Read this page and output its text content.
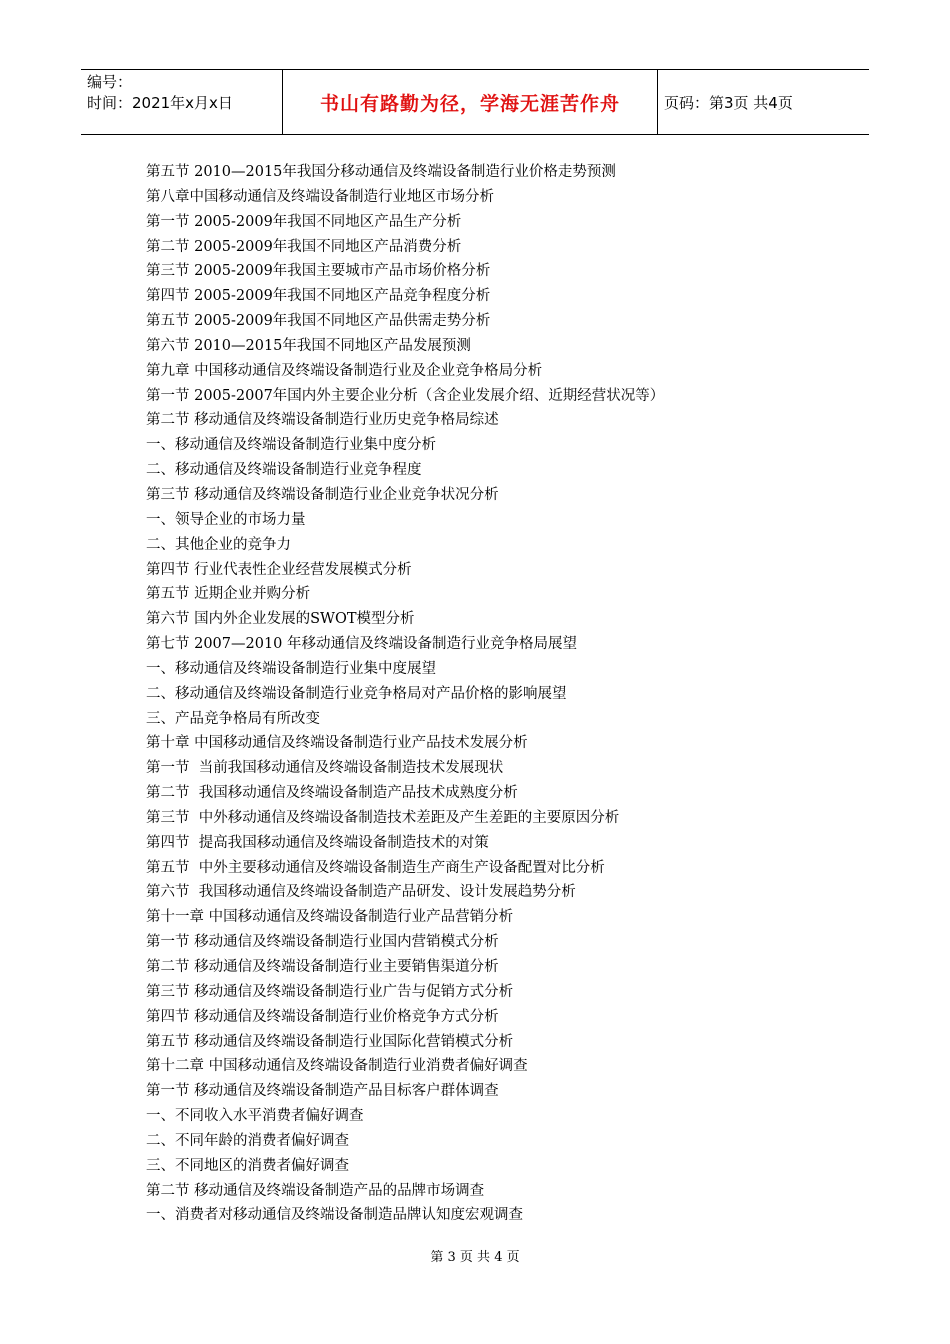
编号：
时间：2021年x月x日	书山有路勤为径，学海无涯苦作舟	页码：第3页 共4页
第五节 2010—2015年我国分移动通信及终端设备制造行业价格走势预测
第八章中国移动通信及终端设备制造行业地区市场分析
第一节 2005-2009年我国不同地区产品生产分析
第二节 2005-2009年我国不同地区产品消费分析
第三节 2005-2009年我国主要城市产品市场价格分析
第四节 2005-2009年我国不同地区产品竞争程度分析
第五节 2005-2009年我国不同地区产品供需走势分析
第六节 2010—2015年我国不同地区产品发展预测
第九章 中国移动通信及终端设备制造行业及企业竞争格局分析
第一节 2005-2007年国内外主要企业分析（含企业发展介绍、近期经营状况等）
第二节 移动通信及终端设备制造行业历史竞争格局综述
一、移动通信及终端设备制造行业集中度分析
二、移动通信及终端设备制造行业竞争程度
第三节 移动通信及终端设备制造行业企业竞争状况分析
一、领导企业的市场力量
二、其他企业的竞争力
第四节 行业代表性企业经营发展模式分析
第五节 近期企业并购分析
第六节 国内外企业发展的SWOT模型分析
第七节 2007—2010 年移动通信及终端设备制造行业竞争格局展望
一、移动通信及终端设备制造行业集中度展望
二、移动通信及终端设备制造行业竞争格局对产品价格的影响展望
三、产品竞争格局有所改变
第十章 中国移动通信及终端设备制造行业产品技术发展分析
第一节  当前我国移动通信及终端设备制造技术发展现状
第二节  我国移动通信及终端设备制造产品技术成熟度分析
第三节  中外移动通信及终端设备制造技术差距及产生差距的主要原因分析
第四节  提高我国移动通信及终端设备制造技术的对策
第五节  中外主要移动通信及终端设备制造生产商生产设备配置对比分析
第六节  我国移动通信及终端设备制造产品研发、设计发展趋势分析
第十一章 中国移动通信及终端设备制造行业产品营销分析
第一节 移动通信及终端设备制造行业国内营销模式分析
第二节 移动通信及终端设备制造行业主要销售渠道分析
第三节 移动通信及终端设备制造行业广告与促销方式分析
第四节 移动通信及终端设备制造行业价格竞争方式分析
第五节 移动通信及终端设备制造行业国际化营销模式分析
第十二章 中国移动通信及终端设备制造行业消费者偏好调查
第一节 移动通信及终端设备制造产品目标客户群体调查
一、不同收入水平消费者偏好调查
二、不同年龄的消费者偏好调查
三、不同地区的消费者偏好调查
第二节 移动通信及终端设备制造产品的品牌市场调查
一、消费者对移动通信及终端设备制造品牌认知度宏观调查
第 3 页 共 4 页
